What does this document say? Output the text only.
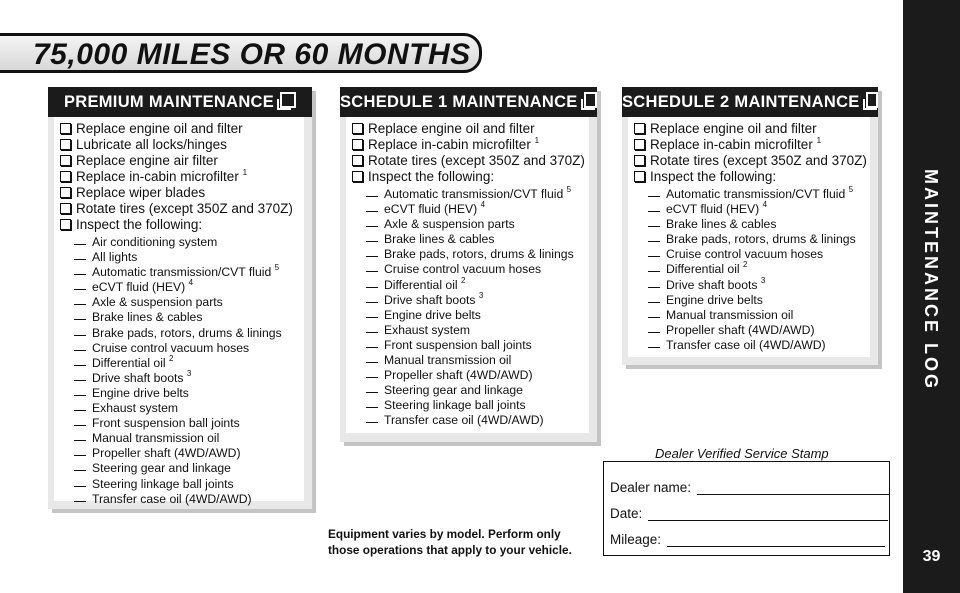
75,000 MILES OR 60 MONTHS
MAINTENANCE LOG
39
PREMIUM MAINTENANCE
Replace engine oil and filter
Lubricate all locks/hinges
Replace engine air filter
Replace in-cabin microfilter $^1$
Replace wiper blades
Rotate tires (except 350Z and 370Z)
Inspect the following:
Air conditioning system
All lights
Automatic transmission/CVT fluid $^5$
eCVT fluid (HEV) $^4$
Axle & suspension parts
Brake lines & cables
Brake pads, rotors, drums & linings
Cruise control vacuum hoses
Differential oil $^2$
Drive shaft boots $^3$
Engine drive belts
Exhaust system
Front suspension ball joints
Manual transmission oil
Propeller shaft (4WD/AWD)
Steering gear and linkage
Steering linkage ball joints
Transfer case oil (4WD/AWD)
SCHEDULE 1 MAINTENANCE
Replace engine oil and filter
Replace in-cabin microfilter $^1$
Rotate tires (except 350Z and 370Z)
Inspect the following:
Automatic transmission/CVT fluid $^5$
eCVT fluid (HEV) $^4$
Axle & suspension parts
Brake lines & cables
Brake pads, rotors, drums & linings
Cruise control vacuum hoses
Differential oil $^2$
Drive shaft boots $^3$
Engine drive belts
Exhaust system
Front suspension ball joints
Manual transmission oil
Propeller shaft (4WD/AWD)
Steering gear and linkage
Steering linkage ball joints
Transfer case oil (4WD/AWD)
SCHEDULE 2 MAINTENANCE
Replace engine oil and filter
Replace in-cabin microfilter $^1$
Rotate tires (except 350Z and 370Z)
Inspect the following:
Automatic transmission/CVT fluid $^5$
eCVT fluid (HEV) $^4$
Brake lines & cables
Brake pads, rotors, drums & linings
Cruise control vacuum hoses
Differential oil $^2$
Drive shaft boots $^3$
Engine drive belts
Manual transmission oil
Propeller shaft (4WD/AWD)
Transfer case oil (4WD/AWD)
Dealer Verified Service Stamp
Dealer name:
Date:
Mileage:
Equipment varies by model. Perform only
those operations that apply to your vehicle.
